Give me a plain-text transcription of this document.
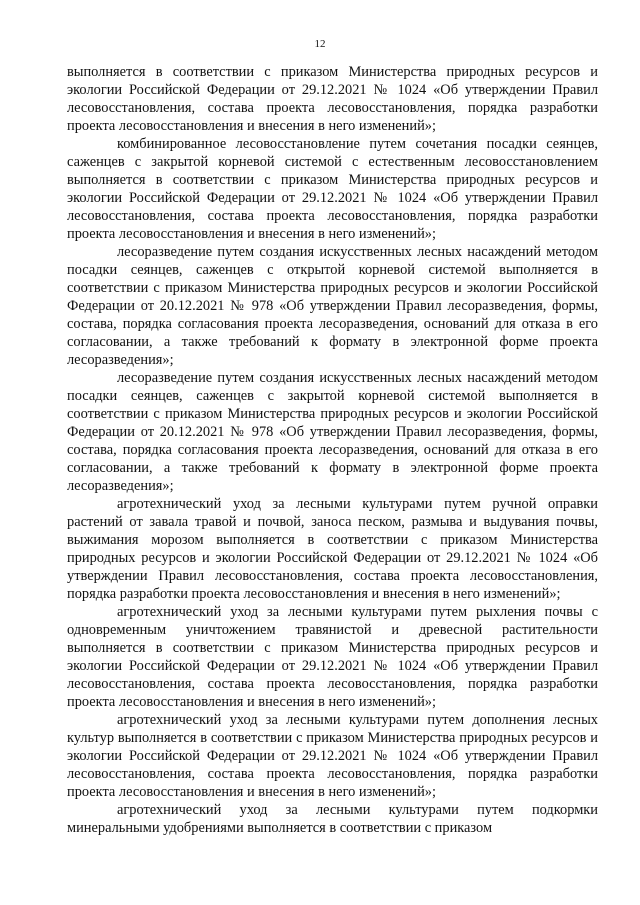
12

выполняется в соответствии с приказом Министерства природных ресурсов и экологии Российской Федерации от 29.12.2021 № 1024 «Об утверждении Правил лесовосстановления, состава проекта лесовосстановления, порядка разработки проекта лесовосстановления и внесения в него изменений»;

комбинированное лесовосстановление путем сочетания посадки сеянцев, саженцев с закрытой корневой системой с естественным лесовосстановлением выполняется в соответствии с приказом Министерства природных ресурсов и экологии Российской Федерации от 29.12.2021 № 1024 «Об утверждении Правил лесовосстановления, состава проекта лесовосстановления, порядка разработки проекта лесовосстановления и внесения в него изменений»;

лесоразведение путем создания искусственных лесных насаждений методом посадки сеянцев, саженцев с открытой корневой системой выполняется в соответствии с приказом Министерства природных ресурсов и экологии Российской Федерации от 20.12.2021 № 978 «Об утверждении Правил лесоразведения, формы, состава, порядка согласования проекта лесоразведения, оснований для отказа в его согласовании, а также требований к формату в электронной форме проекта лесоразведения»;

лесоразведение путем создания искусственных лесных насаждений методом посадки сеянцев, саженцев с закрытой корневой системой выполняется в соответствии с приказом Министерства природных ресурсов и экологии Российской Федерации от 20.12.2021 № 978 «Об утверждении Правил лесоразведения, формы, состава, порядка согласования проекта лесоразведения, оснований для отказа в его согласовании, а также требований к формату в электронной форме проекта лесоразведения»;

агротехнический уход за лесными культурами путем ручной оправки растений от завала травой и почвой, заноса песком, размыва и выдувания почвы, выжимания морозом выполняется в соответствии с приказом Министерства природных ресурсов и экологии Российской Федерации от 29.12.2021 № 1024 «Об утверждении Правил лесовосстановления, состава проекта лесовосстановления, порядка разработки проекта лесовосстановления и внесения в него изменений»;

агротехнический уход за лесными культурами путем рыхления почвы с одновременным уничтожением травянистой и древесной растительности выполняется в соответствии с приказом Министерства природных ресурсов и экологии Российской Федерации от 29.12.2021 № 1024 «Об утверждении Правил лесовосстановления, состава проекта лесовосстановления, порядка разработки проекта лесовосстановления и внесения в него изменений»;

агротехнический уход за лесными культурами путем дополнения лесных культур выполняется в соответствии с приказом Министерства природных ресурсов и экологии Российской Федерации от 29.12.2021 № 1024 «Об утверждении Правил лесовосстановления, состава проекта лесовосстановления, порядка разработки проекта лесовосстановления и внесения в него изменений»;

агротехнический уход за лесными культурами путем подкормки минеральными удобрениями выполняется в соответствии с приказом
